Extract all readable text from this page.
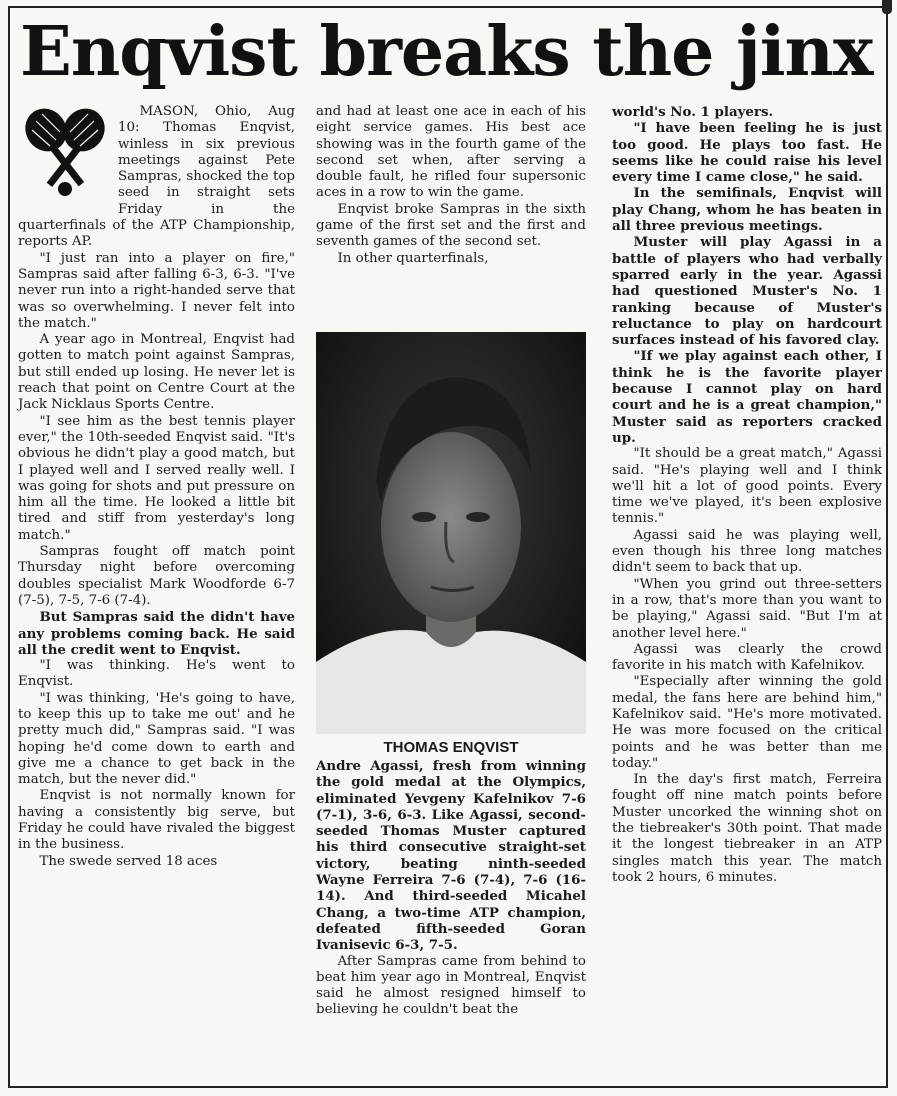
Enqvist breaks the jinx

MASON, Ohio, Aug 10: Thomas Enqvist, winless in six previous meetings against Pete Sampras, shocked the top seed in straight sets Friday in the quarterfinals of the ATP Championship, reports AP.

"I just ran into a player on fire," Sampras said after falling 6-3, 6-3. "I've never run into a right-handed serve that was so overwhelming. I never felt into the match."

A year ago in Montreal, Enqvist had gotten to match point against Sampras, but still ended up losing. He never let is reach that point on Centre Court at the Jack Nicklaus Sports Centre.

"I see him as the best tennis player ever," the 10th-seeded Enqvist said. "It's obvious he didn't play a good match, but I played well and I served really well. I was going for shots and put pressure on him all the time. He looked a little bit tired and stiff from yesterday's long match."

Sampras fought off match point Thursday night before overcoming doubles specialist Mark Woodforde 6-7 (7-5), 7-5, 7-6 (7-4).

But Sampras said the didn't have any problems coming back. He said all the credit went to Enqvist.

"I was thinking. He's went to Enqvist.

"I was thinking, 'He's going to have, to keep this up to take me out' and he pretty much did," Sampras said. "I was hoping he'd come down to earth and give me a chance to get back in the match, but the never did."

Enqvist is not normally known for having a consistently big serve, but Friday he could have rivaled the biggest in the business.

The swede served 18 aces

and had at least one ace in each of his eight service games. His best ace showing was in the fourth game of the second set when, after serving a double fault, he rifled four supersonic aces in a row to win the game.

Enqvist broke Sampras in the sixth game of the first set and the first and seventh games of the second set.

In other quarterfinals,

THOMAS ENQVIST

Andre Agassi, fresh from winning the gold medal at the Olympics, eliminated Yevgeny Kafelnikov 7-6 (7-1), 3-6, 6-3. Like Agassi, second-seeded Thomas Muster captured his third consecutive straight-set victory, beating ninth-seeded Wayne Ferreira 7-6 (7-4), 7-6 (16-14). And third-seeded Micahel Chang, a two-time ATP champion, defeated fifth-seeded Goran Ivanisevic 6-3, 7-5.

After Sampras came from behind to beat him year ago in Montreal, Enqvist said he almost resigned himself to believing he couldn't beat the

world's No. 1 players.

"I have been feeling he is just too good. He plays too fast. He seems like he could raise his level every time I came close," he said.

In the semifinals, Enqvist will play Chang, whom he has beaten in all three previous meetings.

Muster will play Agassi in a battle of players who had verbally sparred early in the year. Agassi had questioned Muster's No. 1 ranking because of Muster's reluctance to play on hardcourt surfaces instead of his favored clay.

"If we play against each other, I think he is the favorite player because I cannot play on hard court and he is a great champion," Muster said as reporters cracked up.

"It should be a great match," Agassi said. "He's playing well and I think we'll hit a lot of good points. Every time we've played, it's been explosive tennis."

Agassi said he was playing well, even though his three long matches didn't seem to back that up.

"When you grind out three-setters in a row, that's more than you want to be playing," Agassi said. "But I'm at another level here."

Agassi was clearly the crowd favorite in his match with Kafelnikov.

"Especially after winning the gold medal, the fans here are behind him," Kafelnikov said. "He's more motivated. He was more focused on the critical points and he was better than me today."

In the day's first match, Ferreira fought off nine match points before Muster uncorked the winning shot on the tiebreaker's 30th point. That made it the longest tiebreaker in an ATP singles match this year. The match took 2 hours, 6 minutes.
